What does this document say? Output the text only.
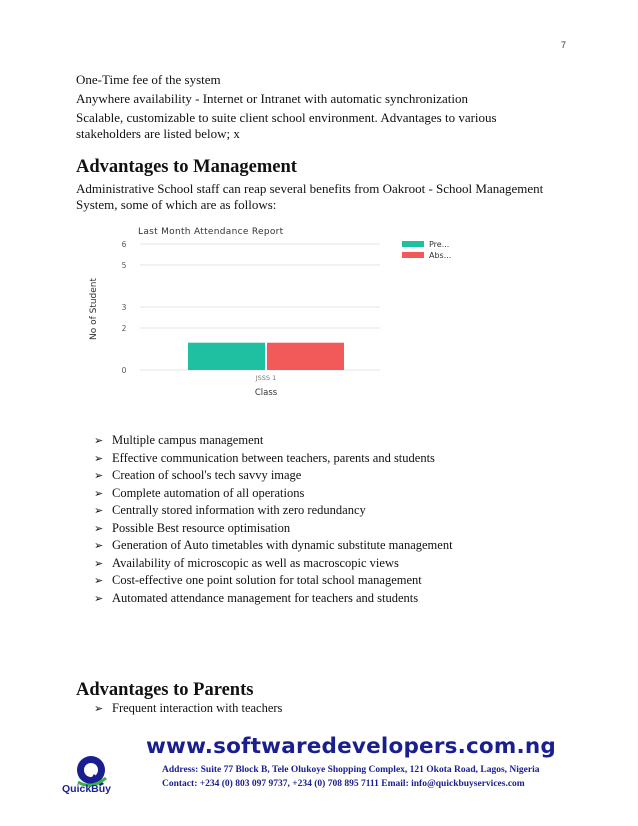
7
One-Time fee of the system
Anywhere availability - Internet or Intranet with automatic synchronization
Scalable, customizable to suite client school environment. Advantages to various stakeholders are listed below; x
Advantages to Management
Administrative School staff can reap several benefits from Oakroot - School Management System, some of which are as follows:
Last Month Attendance Report
0
2
3
5
6
No of Student
JSSS 1
Class
Pre...
Abs...
➢ Multiple campus management
➢ Effective communication between teachers, parents and students
➢ Creation of school's tech savvy image
➢ Complete automation of all operations
➢ Centrally stored information with zero redundancy
➢ Possible Best resource optimisation
➢ Generation of Auto timetables with dynamic substitute management
➢ Availability of microscopic as well as macroscopic views
➢ Cost-effective one point solution for total school management
➢ Automated attendance management for teachers and students
Advantages to Parents
➢ Frequent interaction with teachers
www.softwaredevelopers.com.ng
QuickBuy
Address: Suite 77 Block B, Tele Olukoye Shopping Complex, 121 Okota Road, Lagos, Nigeria
Contact: +234 (0) 803 097 9737, +234 (0) 708 895 7111 Email: info@quickbuyservices.com
